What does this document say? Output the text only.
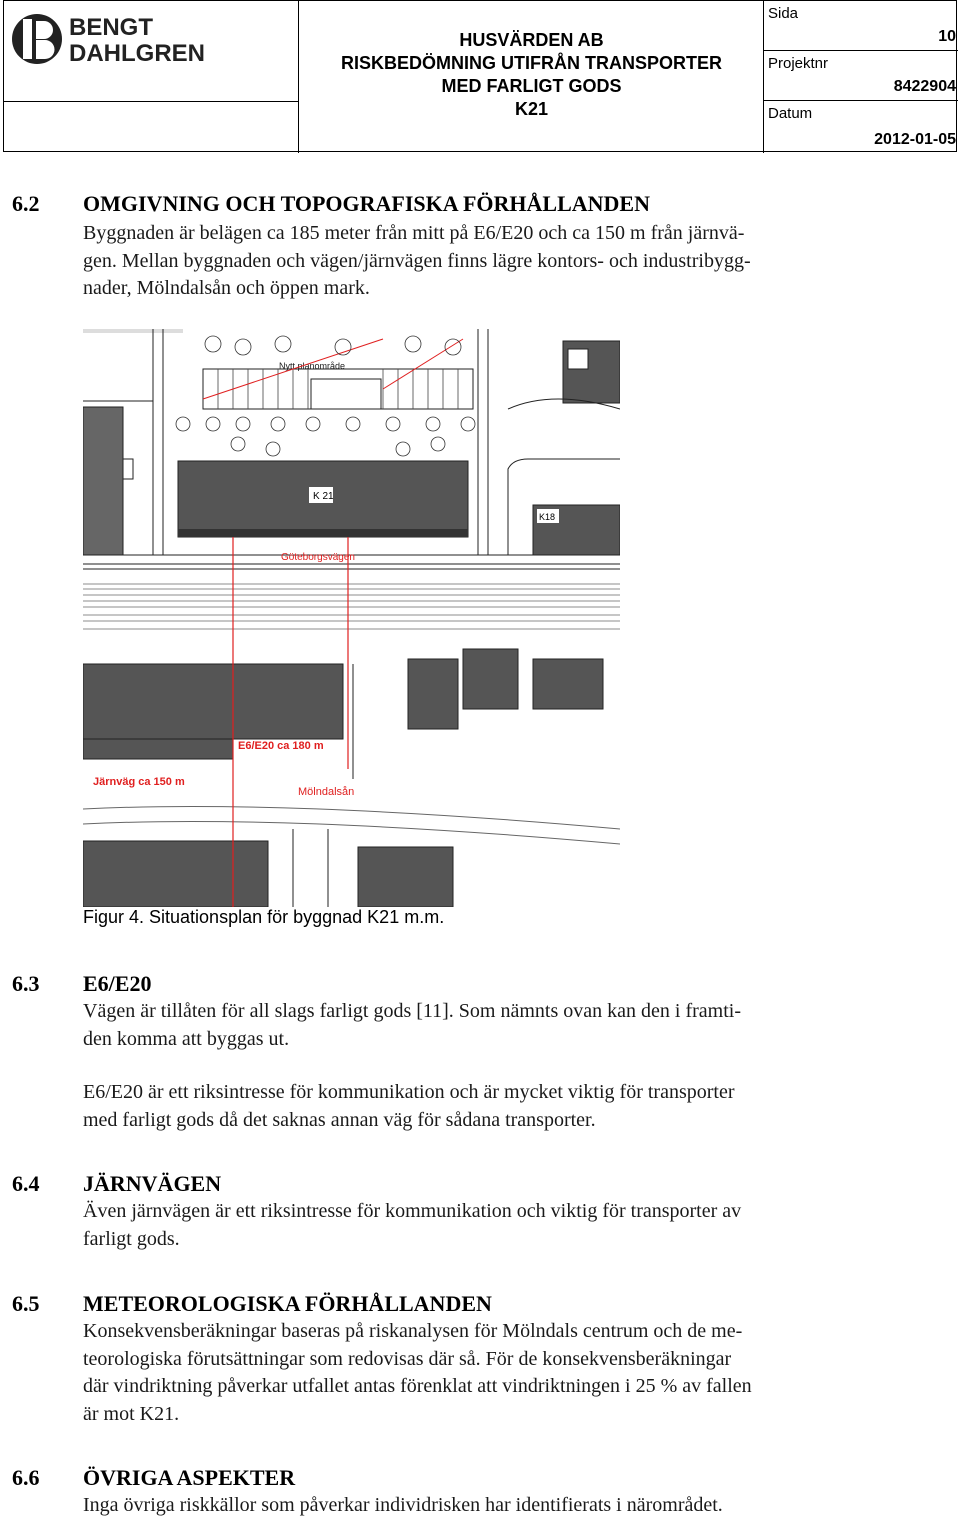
BENGT
DAHLGREN	HUSVÄRDEN AB
RISKBEDÖMNING UTIFRÅN TRANSPORTER
MED FARLIGT GODS
K21
Sida
10
Projektnr
8422904
Datum
2012-01-05
6.2 OMGIVNING OCH TOPOGRAFISKA FÖRHÅLLANDEN
Byggnaden är belägen ca 185 meter från mitt på E6/E20 och ca 150 m från järnvä-
gen. Mellan byggnaden och vägen/järnvägen finns lägre kontors- och industribygg-
nader, Mölndalsån och öppen mark.
Nytt planområde
K 21
K18
Göteborgsvägen
E6/E20 ca 180 m
Järnväg ca 150 m
Mölndalsån
Figur 4. Situationsplan för byggnad K21 m.m.
6.3 E6/E20
Vägen är tillåten för all slags farligt gods [11]. Som nämnts ovan kan den i framti-
den komma att byggas ut.
E6/E20 är ett riksintresse för kommunikation och är mycket viktig för transporter
med farligt gods då det saknas annan väg för sådana transporter.
6.4 JÄRNVÄGEN
Även järnvägen är ett riksintresse för kommunikation och viktig för transporter av
farligt gods.
6.5 METEOROLOGISKA FÖRHÅLLANDEN
Konsekvensberäkningar baseras på riskanalysen för Mölndals centrum och de me-
teorologiska förutsättningar som redovisas där så. För de konsekvensberäkningar
där vindriktning påverkar utfallet antas förenklat att vindriktningen i 25 % av fallen
är mot K21.
6.6 ÖVRIGA ASPEKTER
Inga övriga riskkällor som påverkar individrisken har identifierats i närområdet.
